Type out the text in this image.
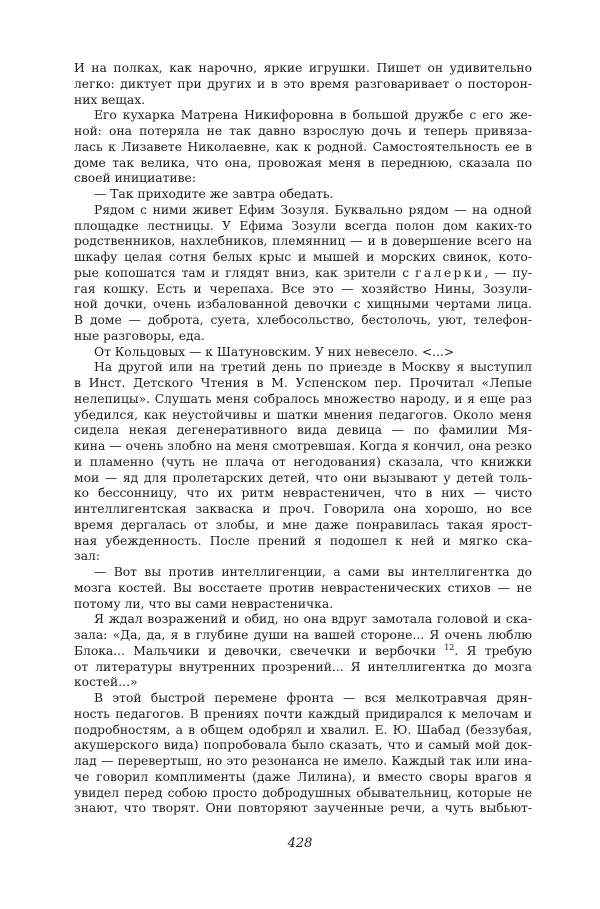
И на полках, как нарочно, яркие игрушки. Пишет он удивительно
легко: диктует при других и в это время разговаривает о посторон-
них вещах.
Его кухарка Матрена Никифоровна в большой дружбе с его же-
ной: она потеряла не так давно взрослую дочь и теперь привяза-
лась к Лизавете Николаевне, как к родной. Самостоятельность ее в
доме так велика, что она, провожая меня в переднюю, сказала по
своей инициативе:
— Так приходите же завтра обедать.
Рядом с ними живет Ефим Зозуля. Буквально рядом — на одной
площадке лестницы. У Ефима Зозули всегда полон дом каких-то
родственников, нахлебников, племянниц — и в довершение всего на
шкафу целая сотня белых крыс и мышей и морских свинок, кото-
рые копошатся там и глядят вниз, как зрители с галерки, — пу-
гая кошку. Есть и черепаха. Все это — хозяйство Нины, Зозули-
ной дочки, очень избалованной девочки с хищными чертами лица.
В доме — доброта, суета, хлебосольство, бестолочь, уют, телефон-
ные разговоры, еда.
От Кольцовых — к Шатуновским. У них невесело. <...>
На другой или на третий день по приезде в Москву я выступил
в Инст. Детского Чтения в М. Успенском пер. Прочитал «Лепые
нелепицы». Слушать меня собралось множество народу, и я еще раз
убедился, как неустойчивы и шатки мнения педагогов. Около меня
сидела некая дегенеративного вида девица — по фамилии Мя-
кина — очень злобно на меня смотревшая. Когда я кончил, она резко
и пламенно (чуть не плача от негодования) сказала, что книжки
мои — яд для пролетарских детей, что они вызывают у детей толь-
ко бессонницу, что их ритм неврастеничен, что в них — чисто
интеллигентская закваска и проч. Говорила она хорошо, но все
время дергалась от злобы, и мне даже понравилась такая ярост-
ная убежденность. После прений я подошел к ней и мягко ска-
зал:
— Вот вы против интеллигенции, а сами вы интеллигентка до
мозга костей. Вы восстаете против неврастенических стихов — не
потому ли, что вы сами неврастеничка.
Я ждал возражений и обид, но она вдруг замотала головой и ска-
зала: «Да, да, я в глубине души на вашей стороне... Я очень люблю
Блока... Мальчики и девочки, свечечки и вербочки $^{12}$. Я требую
от литературы внутренних прозрений... Я интеллигентка до мозга
костей...»
В этой быстрой перемене фронта — вся мелкотравчая дрян-
ность педагогов. В прениях почти каждый придирался к мелочам и
подробностям, а в общем одобрял и хвалил. Е. Ю. Шабад (беззубая,
акушерского вида) попробовала было сказать, что и самый мой док-
лад — перевертыш, но это резонанса не имело. Каждый так или ина-
че говорил комплименты (даже Лилина), и вместо своры врагов я
увидел перед собою просто добродушных обывательниц, которые не
знают, что творят. Они повторяют заученные речи, а чуть выбьют-
428
